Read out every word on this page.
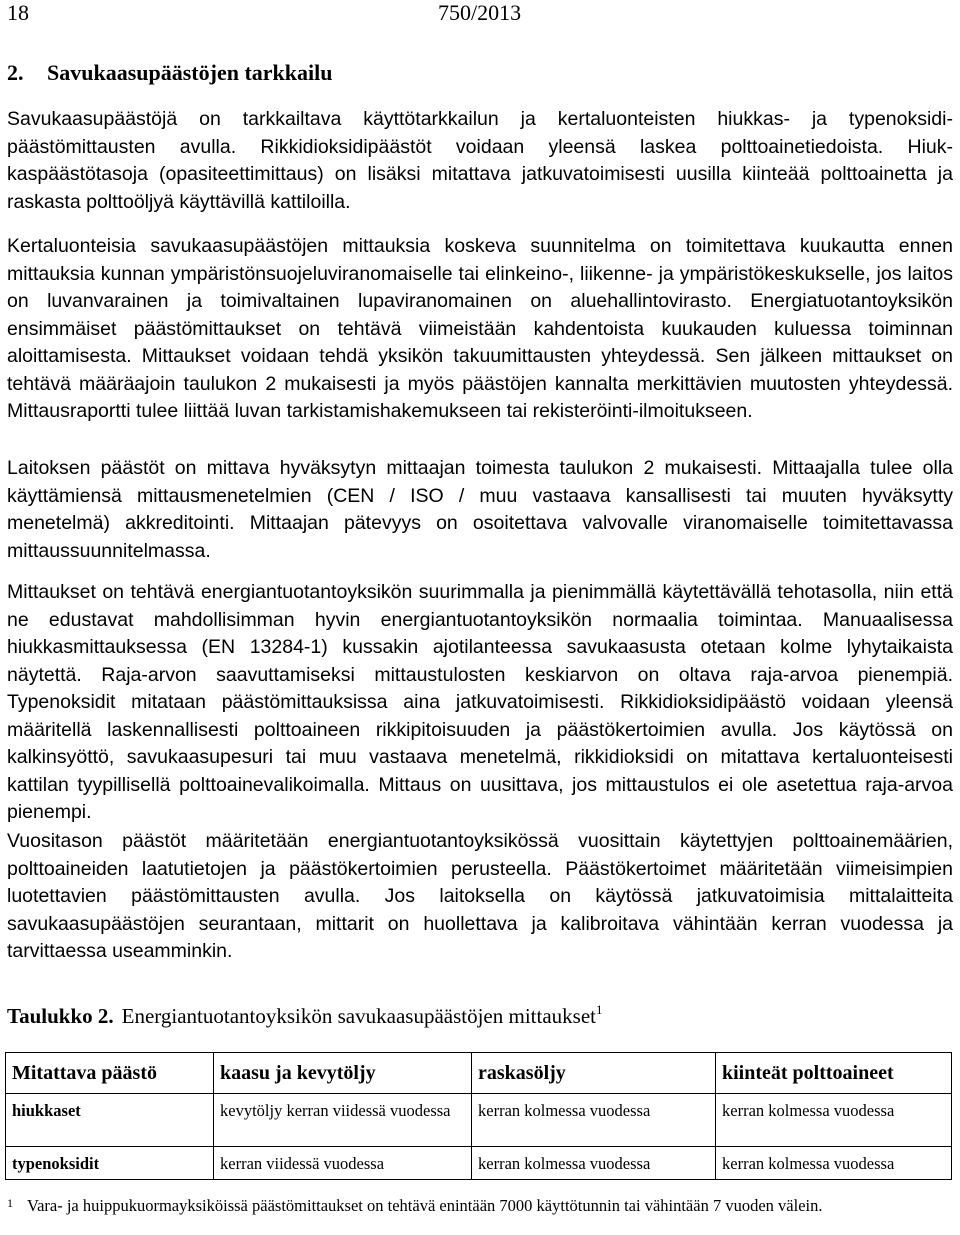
18	750/2013
2. Savukaasupäästöjen tarkkailu

Savukaasupäästöjä on tarkkailtava käyttötarkkailun ja kertaluonteisten hiukkas- ja typenoksidipäästömittausten avulla. Rikkidioksidipäästöt voidaan yleensä laskea polttoainetiedoista. Hiukkaspäästötasoja (opasiteettimittaus) on lisäksi mitattava jatkuvatoimisesti uusilla kiinteää polttoainetta ja raskasta polttoöljyä käyttävillä kattiloilla.

Kertaluonteisia savukaasupäästöjen mittauksia koskeva suunnitelma on toimitettava kuukautta ennen mittauksia kunnan ympäristönsuojeluviranomaiselle tai elinkeino-, liikenne- ja ympäristökeskukselle, jos laitos on luvanvarainen ja toimivaltainen lupaviranomainen on aluehallintovirasto. Energiatuotantoyksikön ensimmäiset päästömittaukset on tehtävä viimeistään kahdentoista kuukauden kuluessa toiminnan aloittamisesta. Mittaukset voidaan tehdä yksikön takuumittausten yhteydessä. Sen jälkeen mittaukset on tehtävä määräajoin taulukon 2 mukaisesti ja myös päästöjen kannalta merkittävien muutosten yhteydessä. Mittausraportti tulee liittää luvan tarkistamishakemukseen tai rekisteröinti-ilmoitukseen.

Laitoksen päästöt on mittava hyväksytyn mittaajan toimesta taulukon 2 mukaisesti. Mittaajalla tulee olla käyttämiensä mittausmenetelmien (CEN / ISO / muu vastaava kansallisesti tai muuten hyväksytty menetelmä) akkreditointi. Mittaajan pätevyys on osoitettava valvovalle viranomaiselle toimitettavassa mittaussuunnitelmassa.

Mittaukset on tehtävä energiantuotantoyksikön suurimmalla ja pienimmällä käytettävällä tehotasolla, niin että ne edustavat mahdollisimman hyvin energiantuotantoyksikön normaalia toimintaa. Manuaalisessa hiukkasmittauksessa (EN 13284-1) kussakin ajotilanteessa savukaasusta otetaan kolme lyhytaikaista näytettä. Raja-arvon saavuttamiseksi mittaustulosten keskiarvon on oltava raja-arvoa pienempiä. Typenoksidit mitataan päästömittauksissa aina jatkuvatoimisesti. Rikkidioksidipäästö voidaan yleensä määritellä laskennallisesti polttoaineen rikkipitoisuuden ja päästökertoimien avulla. Jos käytössä on kalkinsyöttö, savukaasupesuri tai muu vastaava menetelmä, rikkidioksidi on mitattava kertaluonteisesti kattilan tyypillisellä polttoainevalikoimalla. Mittaus on uusittava, jos mittaustulos ei ole asetettua raja-arvoa pienempi.

Vuositason päästöt määritetään energiantuotantoyksikössä vuosittain käytettyjen polttoainemäärien, polttoaineiden laatutietojen ja päästökertoimien perusteella. Päästökertoimet määritetään viimeisimpien luotettavien päästömittausten avulla. Jos laitoksella on käytössä jatkuvatoimisia mittalaitteita savukaasupäästöjen seurantaan, mittarit on huollettava ja kalibroitava vähintään kerran vuodessa ja tarvittaessa useamminkin.

Taulukko 2. Energiantuotantoyksikön savukaasupäästöjen mittaukset$^1$
Mitattava päästö	kaasu ja kevytöljy	raskasöljy	kiinteät polttoaineet
hiukkaset	kevytöljy kerran viidessä vuodessa	kerran kolmessa vuodessa	kerran kolmessa vuodessa
typenoksidit	kerran viidessä vuodessa	kerran kolmessa vuodessa	kerran kolmessa vuodessa
$^1$ Vara- ja huippukuormayksiköissä päästömittaukset on tehtävä enintään 7000 käyttötunnin tai vähintään 7 vuoden välein.
